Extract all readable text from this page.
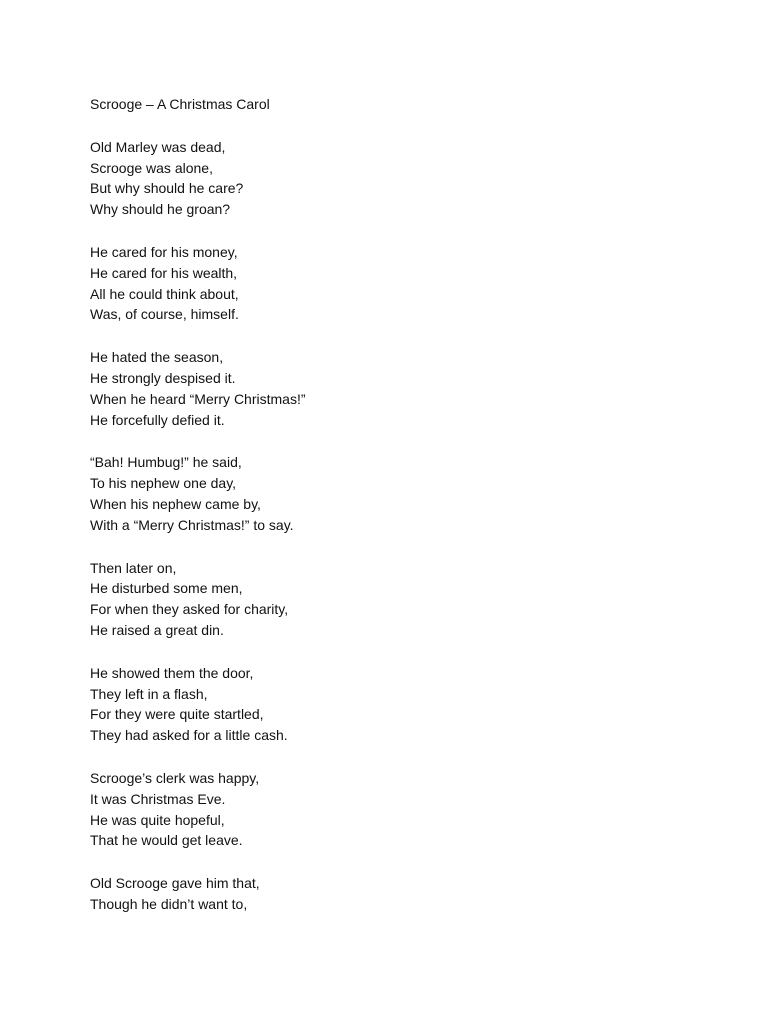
Scrooge – A Christmas Carol
Old Marley was dead,
Scrooge was alone,
But why should he care?
Why should he groan?
He cared for his money,
He cared for his wealth,
All he could think about,
Was, of course, himself.
He hated the season,
He strongly despised it.
When he heard “Merry Christmas!”
He forcefully defied it.
“Bah! Humbug!” he said,
To his nephew one day,
When his nephew came by,
With a “Merry Christmas!” to say.
Then later on,
He disturbed some men,
For when they asked for charity,
He raised a great din.
He showed them the door,
They left in a flash,
For they were quite startled,
They had asked for a little cash.
Scrooge’s clerk was happy,
It was Christmas Eve.
He was quite hopeful,
That he would get leave.
Old Scrooge gave him that,
Though he didn’t want to,
